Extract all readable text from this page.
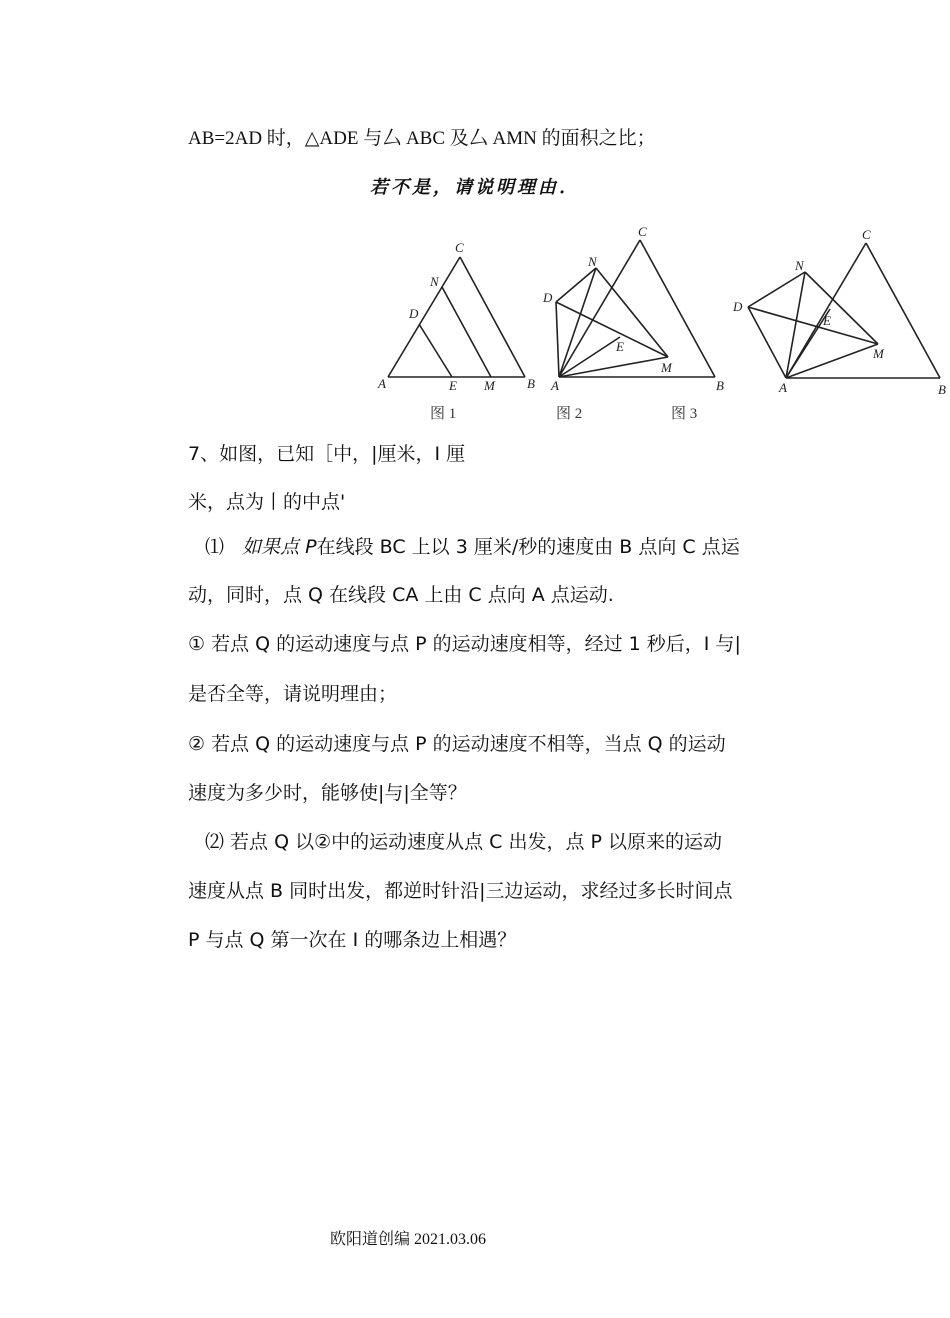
AB=2AD 时，△ADE 与厶 ABC 及厶 AMN 的面积之比；
若不是，请说明理由．
A	B
C
D
N
E M	A	B
C
D
N
E
M
A	B
C
D
N
E
M
图 1	图 2	图 3
7、如图，已知［中，|厘米，I 厘
米，点为丨的中点'
⑴ 如果点 P在线段 BC 上以 3 厘米/秒的速度由 B 点向 C 点运
动，同时，点 Q 在线段 CA 上由 C 点向 A 点运动.
① 若点 Q 的运动速度与点 P 的运动速度相等，经过 1 秒后，I 与|
是否全等，请说明理由；
② 若点 Q 的运动速度与点 P 的运动速度不相等，当点 Q 的运动
速度为多少时，能够使|与|全等？
⑵ 若点 Q 以②中的运动速度从点 C 出发，点 P 以原来的运动
速度从点 B 同时出发，都逆时针沿|三边运动，求经过多长时间点
P 与点 Q 第一次在 I 的哪条边上相遇？
欧阳道创编 2021.03.06
